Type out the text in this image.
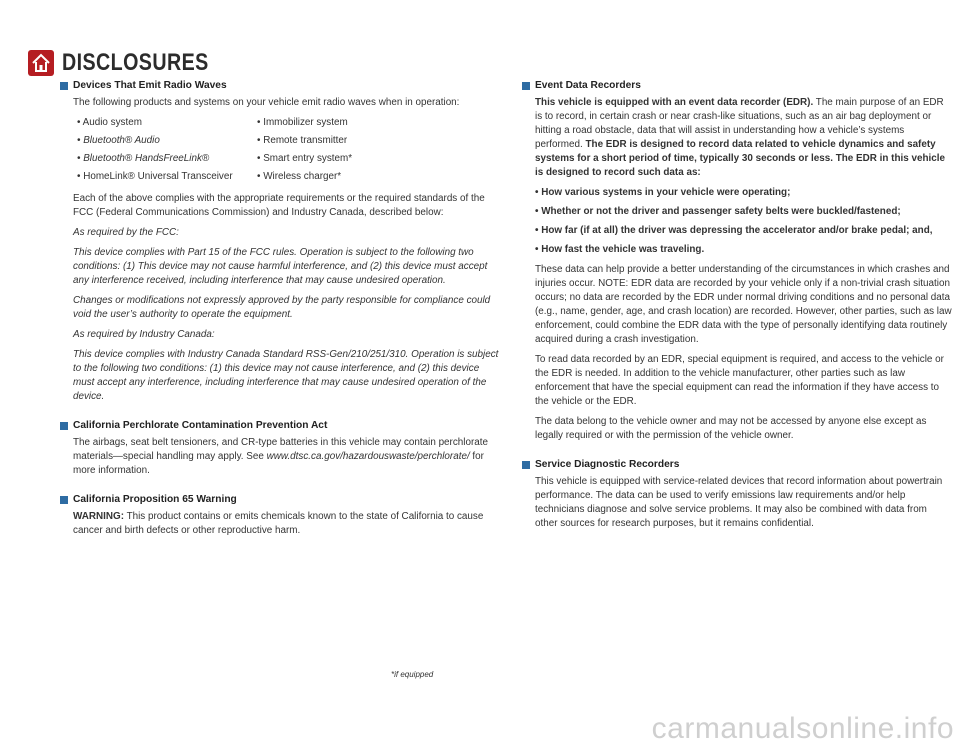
DISCLOSURES
Devices That Emit Radio Waves

The following products and systems on your vehicle emit radio waves when in operation:

• Audio system	• Immobilizer system
• Bluetooth® Audio	• Remote transmitter
• Bluetooth® HandsFreeLink®	• Smart entry system*
• HomeLink® Universal Transceiver	• Wireless charger*

Each of the above complies with the appropriate requirements or the required standards of the FCC (Federal Communications Commission) and Industry Canada, described below:

As required by the FCC:

This device complies with Part 15 of the FCC rules. Operation is subject to the following two conditions: (1) This device may not cause harmful interference, and (2) this device must accept any interference received, including interference that may cause undesired operation.

Changes or modifications not expressly approved by the party responsible for compliance could void the user’s authority to operate the equipment.

As required by Industry Canada:

This device complies with Industry Canada Standard RSS-Gen/210/251/310. Operation is subject to the following two conditions: (1) this device may not cause interference, and (2) this device must accept any interference, including interference that may cause undesired operation of the device.

California Perchlorate Contamination Prevention Act

The airbags, seat belt tensioners, and CR-type batteries in this vehicle may contain perchlorate materials—special handling may apply. See www.dtsc.ca.gov/hazardouswaste/perchlorate/ for more information.

California Proposition 65 Warning

WARNING: This product contains or emits chemicals known to the state of California to cause cancer and birth defects or other reproductive harm.

Event Data Recorders

This vehicle is equipped with an event data recorder (EDR). The main purpose of an EDR is to record, in certain crash or near crash-like situations, such as an air bag deployment or hitting a road obstacle, data that will assist in understanding how a vehicle’s systems performed. The EDR is designed to record data related to vehicle dynamics and safety systems for a short period of time, typically 30 seconds or less. The EDR in this vehicle is designed to record such data as:

• How various systems in your vehicle were operating;
• Whether or not the driver and passenger safety belts were buckled/fastened;
• How far (if at all) the driver was depressing the accelerator and/or brake pedal; and,
• How fast the vehicle was traveling.

These data can help provide a better understanding of the circumstances in which crashes and injuries occur. NOTE: EDR data are recorded by your vehicle only if a non-trivial crash situation occurs; no data are recorded by the EDR under normal driving conditions and no personal data (e.g., name, gender, age, and crash location) are recorded. However, other parties, such as law enforcement, could combine the EDR data with the type of personally identifying data routinely acquired during a crash investigation.

To read data recorded by an EDR, special equipment is required, and access to the vehicle or the EDR is needed. In addition to the vehicle manufacturer, other parties such as law enforcement that have the special equipment can read the information if they have access to the vehicle or the EDR.

The data belong to the vehicle owner and may not be accessed by anyone else except as legally required or with the permission of the vehicle owner.

Service Diagnostic Recorders

This vehicle is equipped with service-related devices that record information about powertrain performance. The data can be used to verify emissions law requirements and/or help technicians diagnose and solve service problems. It may also be combined with data from other sources for research purposes, but it remains confidential.

*if equipped
carmanualsonline.info
